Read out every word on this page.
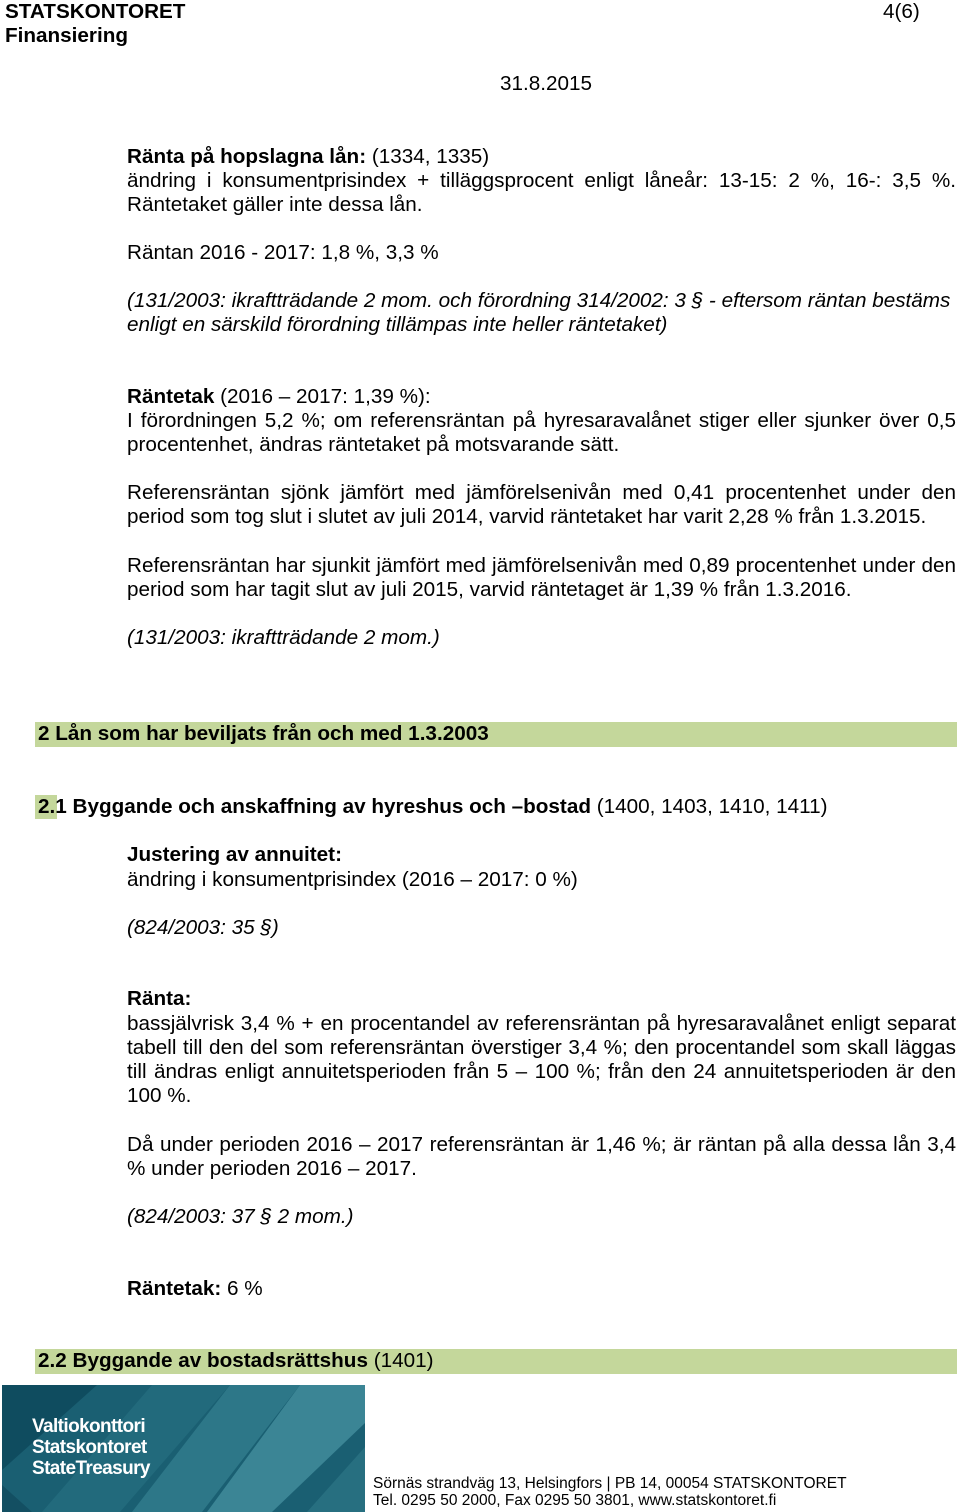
STATSKONTORET	4(6)
Finansiering
31.8.2015
Ränta på hopslagna lån: (1334, 1335)
ändring i konsumentprisindex + tilläggsprocent enligt låneår: 13-15: 2 %, 16-: 3,5 %.
Räntetaket gäller inte dessa lån.
Räntan 2016 - 2017: 1,8 %, 3,3 %
(131/2003: ikraftträdande 2 mom. och förordning 314/2002: 3 § - eftersom räntan bestäms
enligt en särskild förordning tillämpas inte heller räntetaket)
Räntetak (2016 – 2017: 1,39 %):
I förordningen 5,2 %; om referensräntan på hyresaravalånet stiger eller sjunker över 0,5
procentenhet, ändras räntetaket på motsvarande sätt.
Referensräntan sjönk jämfört med jämförelsenivån med 0,41 procentenhet under den
period som tog slut i slutet av juli 2014, varvid räntetaket har varit 2,28 % från 1.3.2015.
Referensräntan har sjunkit jämfört med jämförelsenivån med 0,89 procentenhet under den
period som har tagit slut av juli 2015, varvid räntetaget är 1,39 % från 1.3.2016.
(131/2003: ikraftträdande 2 mom.)
2 Lån som har beviljats från och med 1.3.2003
2.1 Byggande och anskaffning av hyreshus och –bostad (1400, 1403, 1410, 1411)
Justering av annuitet:
ändring i konsumentprisindex (2016 – 2017: 0 %)
(824/2003: 35 §)
Ränta:
bassjälvrisk 3,4 % + en procentandel av referensräntan på hyresaravalånet enligt separat
tabell till den del som referensräntan överstiger 3,4 %; den procentandel som skall läggas
till ändras enligt annuitetsperioden från 5 – 100 %; från den 24 annuitetsperioden är den
100 %.
Då under perioden 2016 – 2017 referensräntan är 1,46 %; är räntan på alla dessa lån 3,4
% under perioden 2016 – 2017.
(824/2003: 37 § 2 mom.)
Räntetak: 6 %
2.2 Byggande av bostadsrättshus (1401)
Valtiokonttori
Statskontoret
StateTreasury
Sörnäs strandväg 13, Helsingfors | PB 14, 00054 STATSKONTORET
Tel. 0295 50 2000, Fax 0295 50 3801, www.statskontoret.fi
